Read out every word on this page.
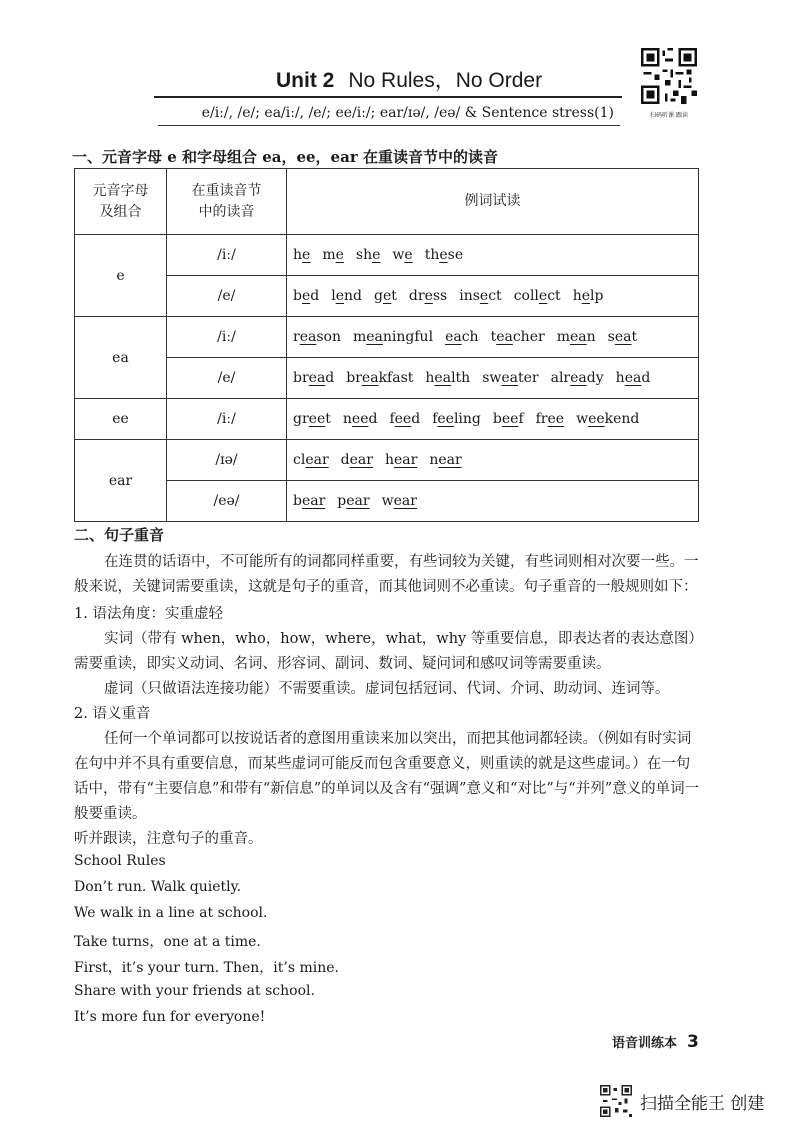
Unit 2 No Rules，No Order
e/iː/, /e/; ea/iː/, /e/; ee/iː/; ear/ɪə/, /eə/ & Sentence stress(1)	扫码听课 跟读
一、元音字母 e 和字母组合 ea，ee，ear 在重读音节中的读音
元音字母
及组合	在重读音节
中的读音	例词试读
e	/iː/	he me she we these
	/e/	bed lend get dress insect collect help
ea	/iː/	reason meaningful each teacher mean seat
	/e/	bread breakfast health sweater already head
ee	/iː/	greet need feed feeling beef free weekend
ear	/ɪə/	clear dear hear near
	/eə/	bear pear wear
二、句子重音
在连贯的话语中，不可能所有的词都同样重要，有些词较为关键，有些词则相对次要一些。一般来说，关键词需要重读，这就是句子的重音，而其他词则不必重读。句子重音的一般规则如下：
1. 语法角度：实重虚轻
实词（带有 when，who，how，where，what，why 等重要信息，即表达者的表达意图）需要重读，即实义动词、名词、形容词、副词、数词、疑问词和感叹词等需要重读。
虚词（只做语法连接功能）不需要重读。虚词包括冠词、代词、介词、助动词、连词等。
2. 语义重音
任何一个单词都可以按说话者的意图用重读来加以突出，而把其他词都轻读。（例如有时实词在句中并不具有重要信息，而某些虚词可能反而包含重要意义，则重读的就是这些虚词。）在一句话中，带有“主要信息”和带有“新信息”的单词以及含有“强调”意义和“对比”与“并列”意义的单词一般要重读。
听并跟读，注意句子的重音。
School Rules
Don’t run. Walk quietly.
We walk in a line at school.
Take turns，one at a time.
First，it’s your turn. Then，it’s mine.
Share with your friends at school.
It’s more fun for everyone!
语音训练本 3
扫描全能王 创建
